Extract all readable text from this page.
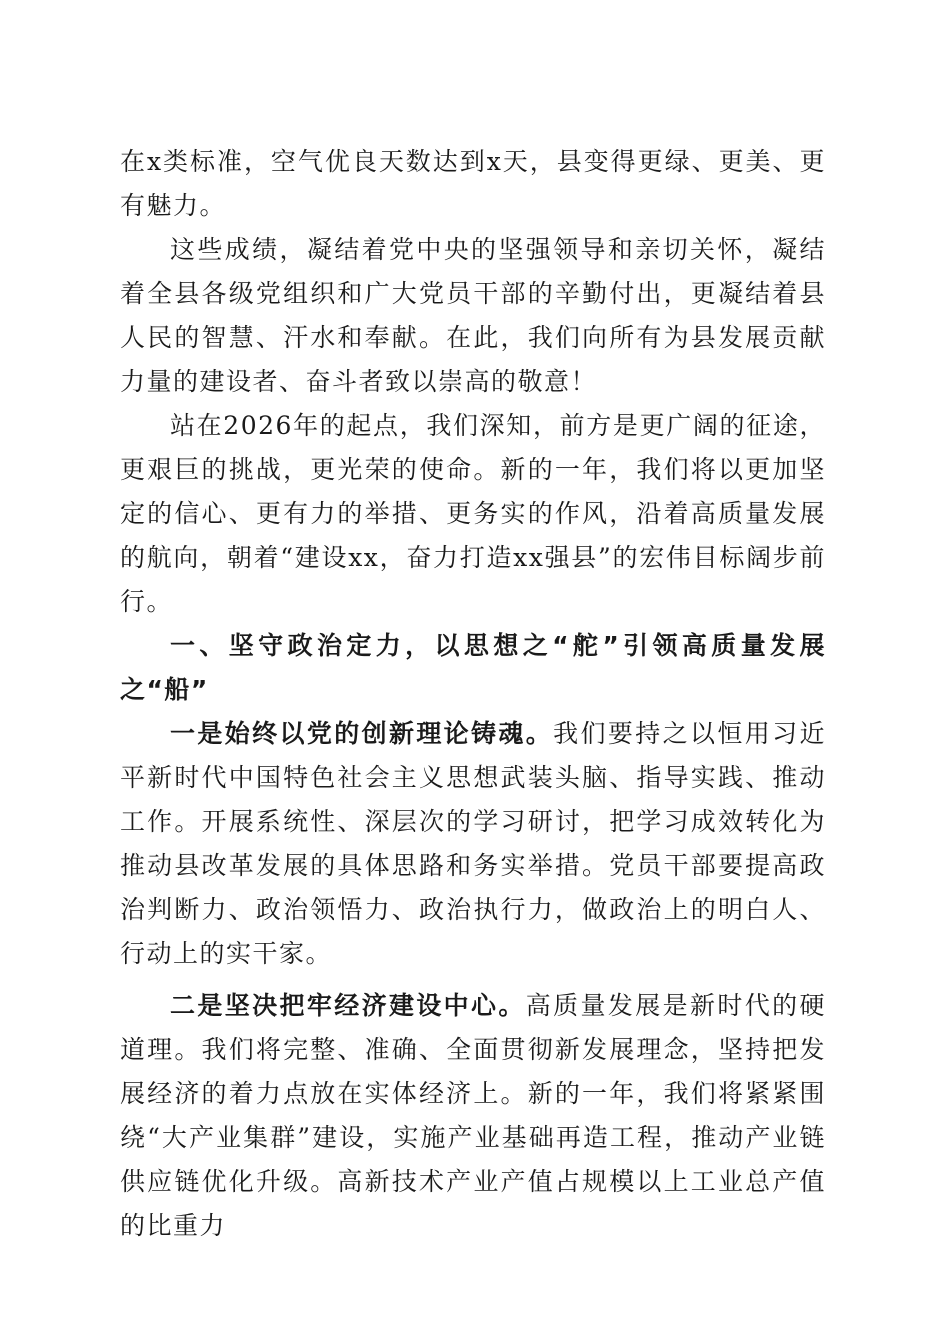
在x类标准，空气优良天数达到x天，县变得更绿、更美、更有魅力。

这些成绩，凝结着党中央的坚强领导和亲切关怀，凝结着全县各级党组织和广大党员干部的辛勤付出，更凝结着县人民的智慧、汗水和奉献。在此，我们向所有为县发展贡献力量的建设者、奋斗者致以崇高的敬意！

站在2026年的起点，我们深知，前方是更广阔的征途，更艰巨的挑战，更光荣的使命。新的一年，我们将以更加坚定的信心、更有力的举措、更务实的作风，沿着高质量发展的航向，朝着“建设xx，奋力打造xx强县”的宏伟目标阔步前行。

一、坚守政治定力，以思想之“舵”引领高质量发展之“船”

一是始终以党的创新理论铸魂。我们要持之以恒用习近平新时代中国特色社会主义思想武装头脑、指导实践、推动工作。开展系统性、深层次的学习研讨，把学习成效转化为推动县改革发展的具体思路和务实举措。党员干部要提高政治判断力、政治领悟力、政治执行力，做政治上的明白人、行动上的实干家。

二是坚决把牢经济建设中心。高质量发展是新时代的硬道理。我们将完整、准确、全面贯彻新发展理念，坚持把发展经济的着力点放在实体经济上。新的一年，我们将紧紧围绕“大产业集群”建设，实施产业基础再造工程，推动产业链供应链优化升级。高新技术产业产值占规模以上工业总产值的比重力
